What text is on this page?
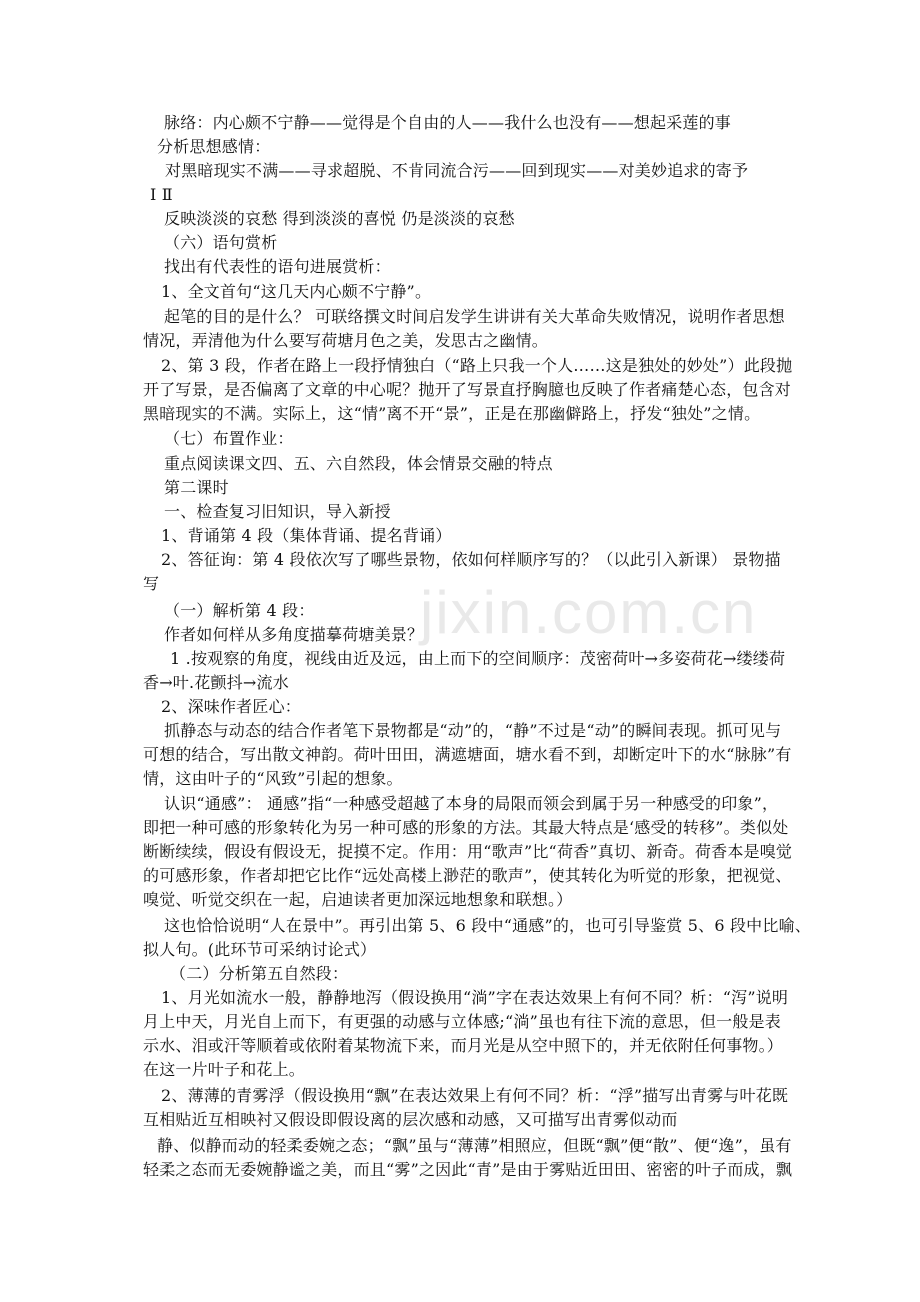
jixin.com.cn
脉络：内心颇不宁静——觉得是个自由的人——我什么也没有——想起采莲的事
分析思想感情：
对黑暗现实不满——寻求超脱、不肯同流合污——回到现实——对美妙追求的寄予
Ⅰ Ⅱ
反映淡淡的哀愁 得到淡淡的喜悦 仍是淡淡的哀愁
（六）语句赏析
找出有代表性的语句进展赏析：
1、全文首句“这几天内心颇不宁静”。
起笔的目的是什么？ 可联络撰文时间启发学生讲讲有关大革命失败情况，说明作者思想
情况，弄清他为什么要写荷塘月色之美，发思古之幽情。
2、第 3 段，作者在路上一段抒情独白（“路上只我一个人……这是独处的妙处”）此段抛
开了写景，是否偏离了文章的中心呢？抛开了写景直抒胸臆也反映了作者痛楚心态，包含对
黑暗现实的不满。实际上，这“情”离不开“景”，正是在那幽僻路上，抒发“独处”之情。
（七）布置作业：
重点阅读课文四、五、六自然段，体会情景交融的特点
第二课时
一、检查复习旧知识，导入新授
1、背诵第 4 段（集体背诵、提名背诵）
2、答征询：第 4 段依次写了哪些景物，依如何样顺序写的？（以此引入新课） 景物描
写
（一）解析第 4 段：
作者如何样从多角度描摹荷塘美景？
1 .按观察的角度，视线由近及远，由上而下的空间顺序：茂密荷叶→多姿荷花→缕缕荷
香→叶.花颤抖→流水
2、深味作者匠心：
抓静态与动态的结合作者笔下景物都是“动”的，“静”不过是“动”的瞬间表现。抓可见与
可想的结合，写出散文神韵。荷叶田田，满遮塘面，塘水看不到，却断定叶下的水“脉脉”有
情，这由叶子的“风致”引起的想象。
认识“通感”： 通感”指“一种感受超越了本身的局限而领会到属于另一种感受的印象”，
即把一种可感的形象转化为另一种可感的形象的方法。其最大特点是‘感受的转移”。类似处
断断续续，假设有假设无，捉摸不定。作用：用“歌声”比“荷香”真切、新奇。荷香本是嗅觉
的可感形象，作者却把它比作“远处高楼上渺茫的歌声”，使其转化为听觉的形象，把视觉、
嗅觉、听觉交织在一起，启迪读者更加深远地想象和联想。）
这也恰恰说明“人在景中”。再引出第 5、6 段中“通感”的，也可引导鉴赏 5、6 段中比喻、
拟人句。(此环节可采纳讨论式）
（二）分析第五自然段：
1、月光如流水一般，静静地泻（假设换用“淌”字在表达效果上有何不同？析：“泻”说明
月上中天，月光自上而下，有更强的动感与立体感;“淌”虽也有往下流的意思，但一般是表
示水、泪或汗等顺着或依附着某物流下来，而月光是从空中照下的，并无依附任何事物。）
在这一片叶子和花上。
2、薄薄的青雾浮（假设换用“飘”在表达效果上有何不同？析：“浮”描写出青雾与叶花既
互相贴近互相映衬又假设即假设离的层次感和动感，又可描写出青雾似动而
静、似静而动的轻柔委婉之态；“飘”虽与“薄薄”相照应，但既“飘”便“散”、便“逸”，虽有
轻柔之态而无委婉静谧之美，而且“雾”之因此“青”是由于雾贴近田田、密密的叶子而成，飘
